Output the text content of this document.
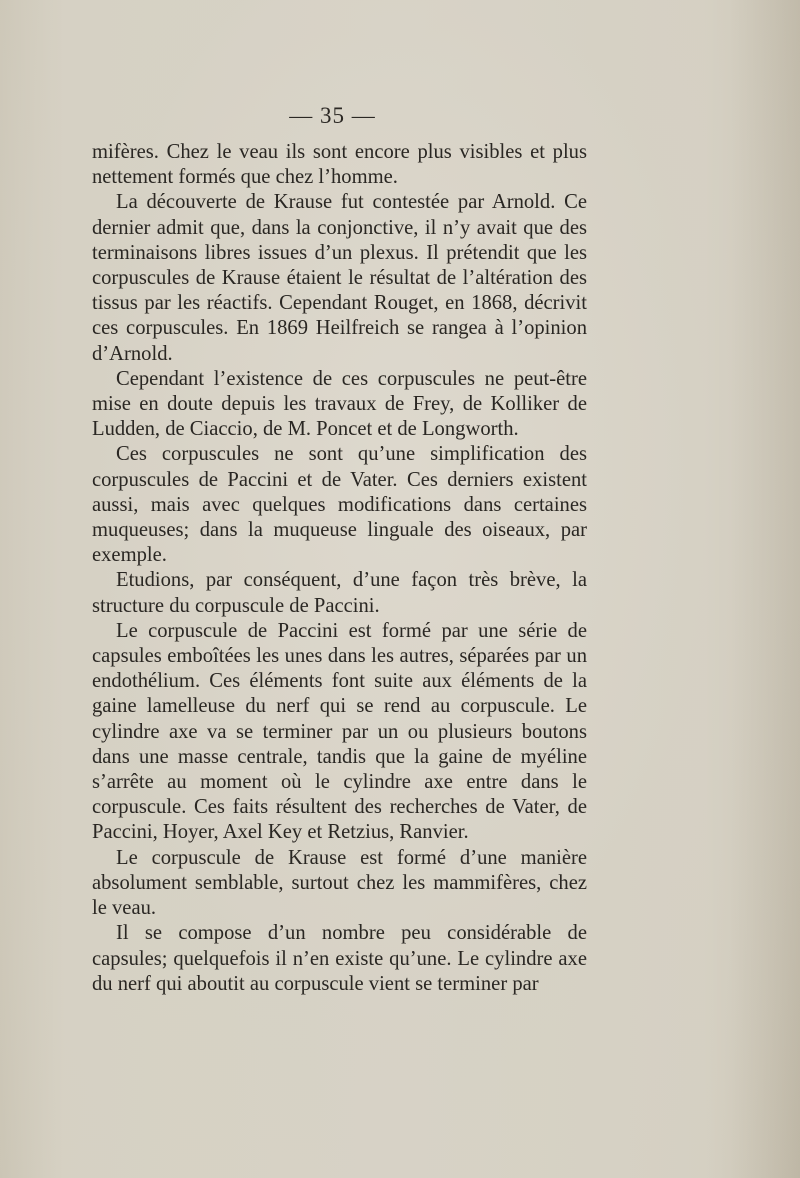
— 35 —

mifères. Chez le veau ils sont encore plus visibles et plus nettement formés que chez l’homme.

La découverte de Krause fut contestée par Arnold. Ce dernier admit que, dans la conjonctive, il n’y avait que des terminaisons libres issues d’un plexus. Il prétendit que les corpuscules de Krause étaient le résultat de l’altération des tissus par les réactifs. Cependant Rouget, en 1868, décrivit ces corpuscules. En 1869 Heilfreich se rangea à l’opinion d’Arnold.

Cependant l’existence de ces corpuscules ne peut-être mise en doute depuis les travaux de Frey, de Kolliker de Ludden, de Ciaccio, de M. Poncet et de Longworth.

Ces corpuscules ne sont qu’une simplification des corpuscules de Paccini et de Vater. Ces derniers existent aussi, mais avec quelques modifications dans certaines muqueuses; dans la muqueuse linguale des oiseaux, par exemple.

Etudions, par conséquent, d’une façon très brève, la structure du corpuscule de Paccini.

Le corpuscule de Paccini est formé par une série de capsules emboîtées les unes dans les autres, séparées par un endothélium. Ces éléments font suite aux éléments de la gaine lamelleuse du nerf qui se rend au corpuscule. Le cylindre axe va se terminer par un ou plusieurs boutons dans une masse centrale, tandis que la gaine de myéline s’arrête au moment où le cylindre axe entre dans le corpuscule. Ces faits résultent des recherches de Vater, de Paccini, Hoyer, Axel Key et Retzius, Ranvier.

Le corpuscule de Krause est formé d’une manière absolument semblable, surtout chez les mammifères, chez le veau.

Il se compose d’un nombre peu considérable de capsules; quelquefois il n’en existe qu’une. Le cylindre axe du nerf qui aboutit au corpuscule vient se terminer par
